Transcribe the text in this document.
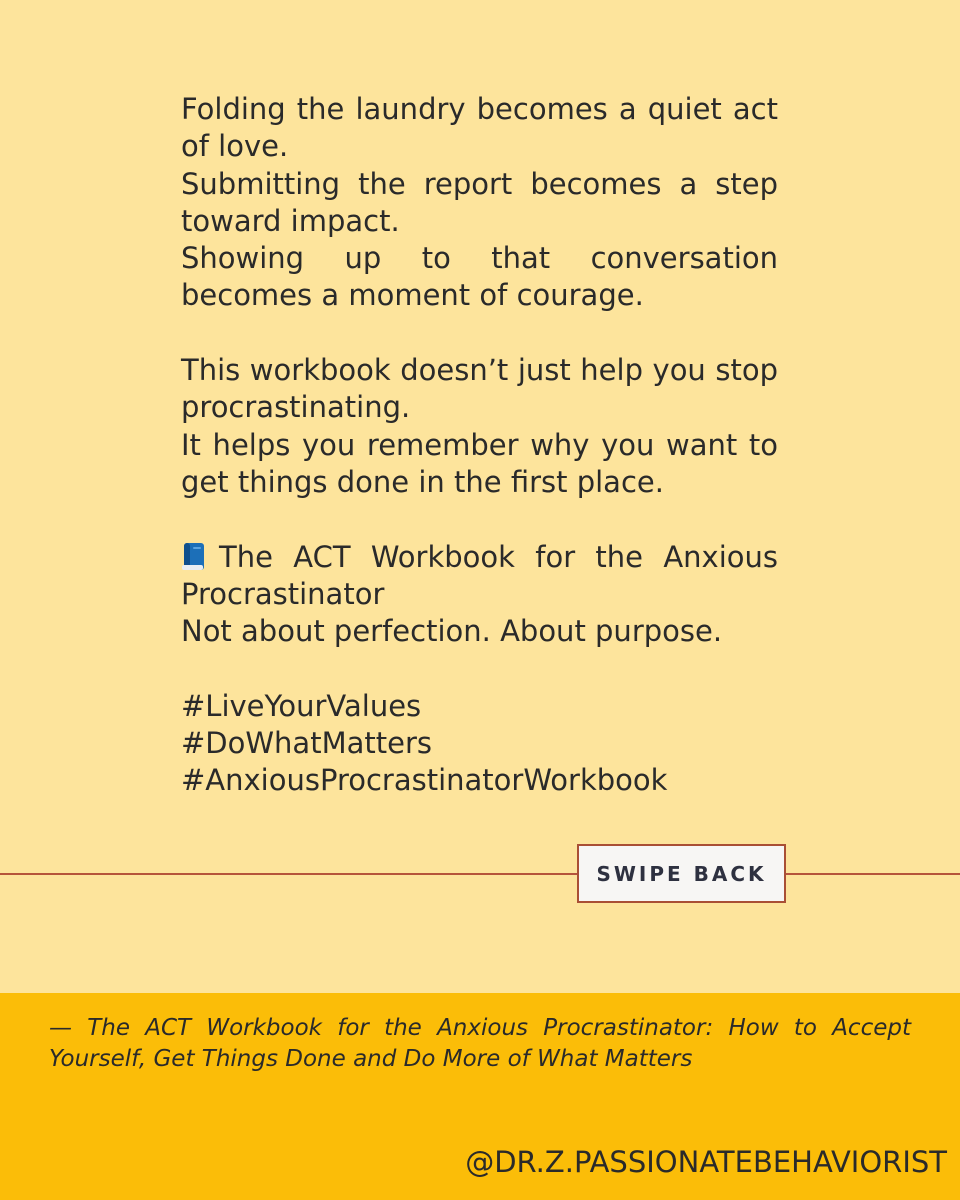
Folding the laundry becomes a quiet act of love.
Submitting the report becomes a step toward impact.
Showing up to that conversation becomes a moment of courage.
This workbook doesn’t just help you stop procrastinating.
It helps you remember why you want to get things done in the first place.
The ACT Workbook for the Anxious Procrastinator
Not about perfection. About purpose.
#LiveYourValues
#DoWhatMatters
#AnxiousProcrastinatorWorkbook
SWIPE BACK
— The ACT Workbook for the Anxious Procrastinator: How to Accept Yourself, Get Things Done and Do More of What Matters
@DR.Z.PASSIONATEBEHAVIORIST
